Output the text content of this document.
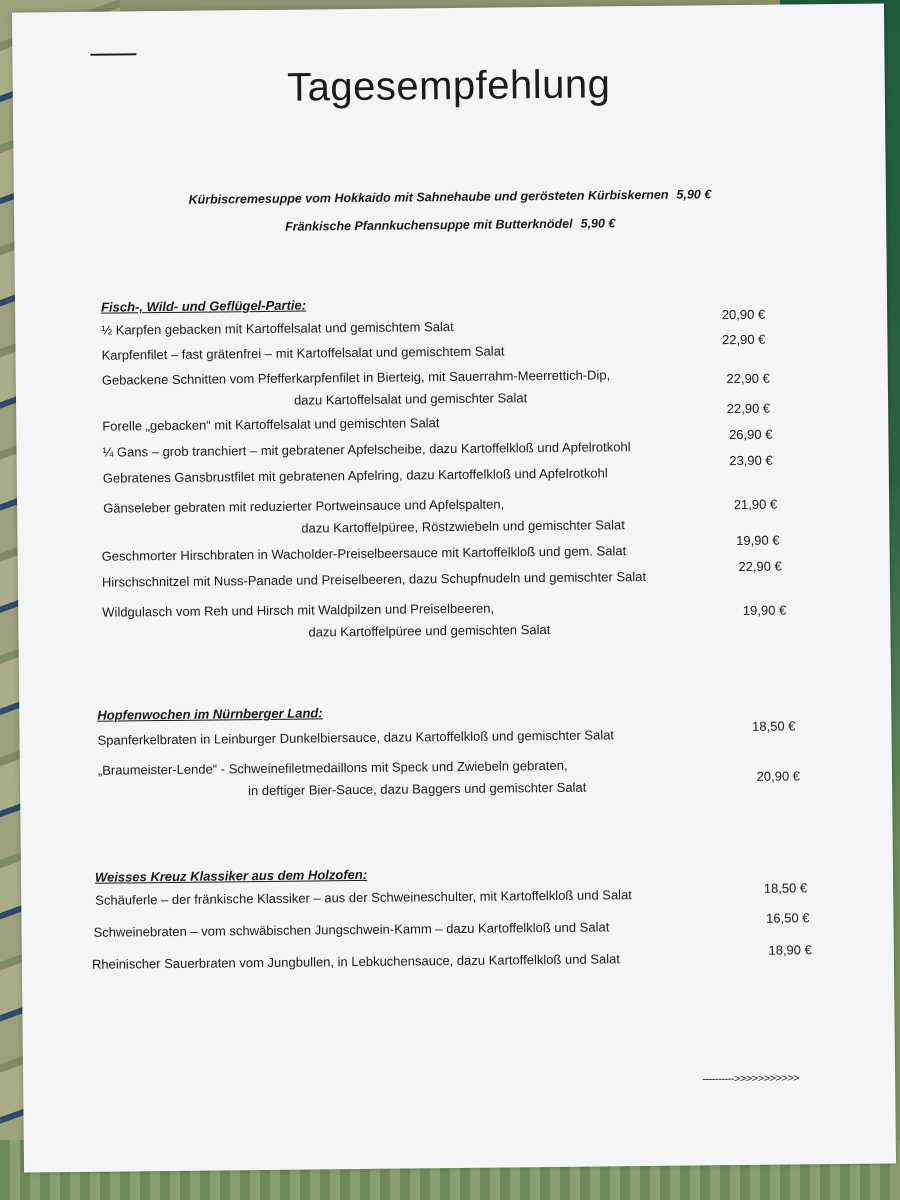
Tagesempfehlung
Kürbiscremesuppe vom Hokkaido mit Sahnehaube und gerösteten Kürbiskernen 5,90 €
Fränkische Pfannkuchensuppe mit Butterknödel 5,90 €
Fisch-, Wild- und Geflügel-Partie:
½ Karpfen gebacken mit Kartoffelsalat und gemischtem Salat
20,90 €
Karpfenfilet – fast grätenfrei – mit Kartoffelsalat und gemischtem Salat
22,90 €
Gebackene Schnitten vom Pfefferkarpfenfilet in Bierteig, mit Sauerrahm-Meerrettich-Dip,
dazu Kartoffelsalat und gemischter Salat
22,90 €
Forelle „gebacken“ mit Kartoffelsalat und gemischten Salat
22,90 €
¼ Gans – grob tranchiert – mit gebratener Apfelscheibe, dazu Kartoffelkloß und Apfelrotkohl
26,90 €
Gebratenes Gansbrustfilet mit gebratenen Apfelring, dazu Kartoffelkloß und Apfelrotkohl
23,90 €
Gänseleber gebraten mit reduzierter Portweinsauce und Apfelspalten,
dazu Kartoffelpüree, Röstzwiebeln und gemischter Salat
21,90 €
Geschmorter Hirschbraten in Wacholder-Preiselbeersauce mit Kartoffelkloß und gem. Salat
19,90 €
Hirschschnitzel mit Nuss-Panade und Preiselbeeren, dazu Schupfnudeln und gemischter Salat
22,90 €
Wildgulasch vom Reh und Hirsch mit Waldpilzen und Preiselbeeren,
dazu Kartoffelpüree und gemischten Salat
19,90 €
Hopfenwochen im Nürnberger Land:
Spanferkelbraten in Leinburger Dunkelbiersauce, dazu Kartoffelkloß und gemischter Salat
18,50 €
„Braumeister-Lende“ - Schweinefiletmedaillons mit Speck und Zwiebeln gebraten,
in deftiger Bier-Sauce, dazu Baggers und gemischter Salat
20,90 €
Weisses Kreuz Klassiker aus dem Holzofen:
Schäuferle – der fränkische Klassiker – aus der Schweineschulter, mit Kartoffelkloß und Salat	18,50 €
Schweinebraten – vom schwäbischen Jungschwein-Kamm – dazu Kartoffelkloß und Salat
16,50 €
Rheinischer Sauerbraten vom Jungbullen, in Lebkuchensauce, dazu Kartoffelkloß und Salat
18,90 €
---------->>>>>>>>>>>
